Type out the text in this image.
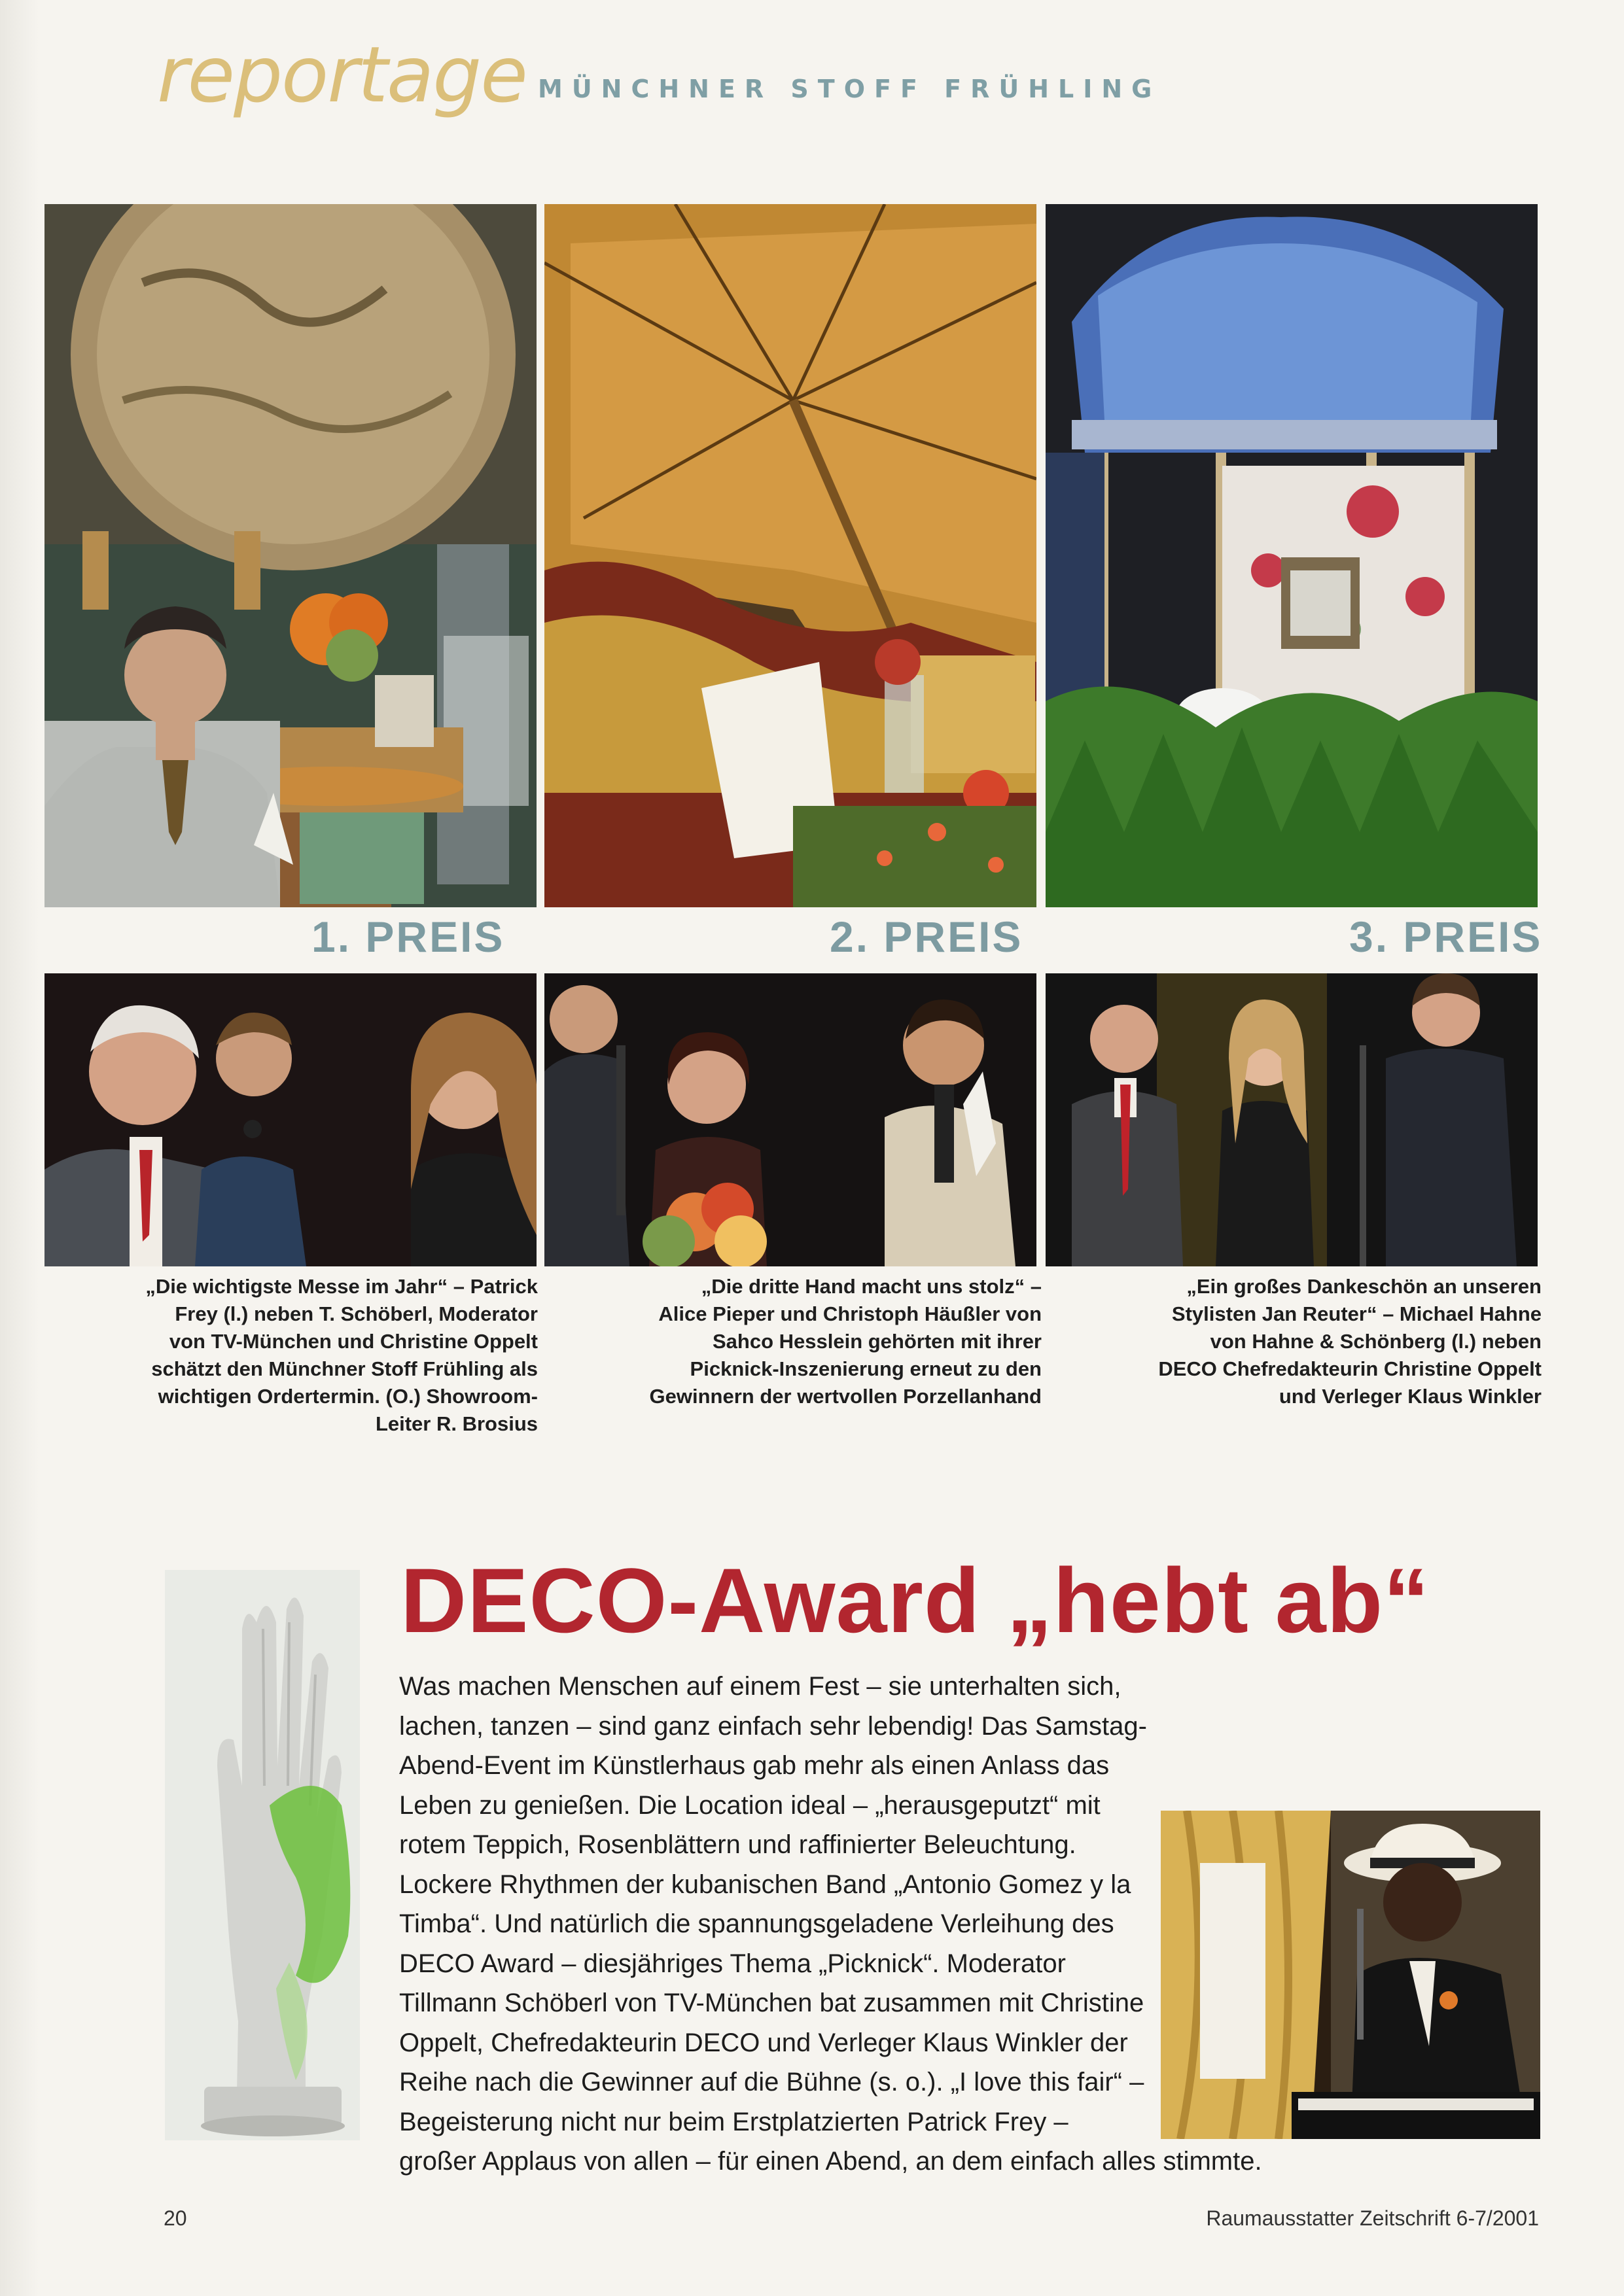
reportage MÜNCHNER STOFF FRÜHLING
1. PREIS	2. PREIS	3. PREIS

„Die wichtigste Messe im Jahr“ – Patrick Frey (l.) neben T. Schöberl, Moderator von TV-München und Christine Oppelt schätzt den Münchner Stoff Frühling als wichtigen Ordertermin. (O.) Showroom-Leiter R. Brosius

„Die dritte Hand macht uns stolz“ – Alice Pieper und Christoph Häußler von Sahco Hesslein gehörten mit ihrer Picknick-Inszenierung erneut zu den Gewinnern der wertvollen Porzellanhand

„Ein großes Dankeschön an unseren Stylisten Jan Reuter“ – Michael Hahne von Hahne & Schönberg (l.) neben DECO Chefredakteurin Christine Oppelt und Verleger Klaus Winkler

DECO-Award „hebt ab“
Was machen Menschen auf einem Fest – sie unterhalten sich, lachen, tanzen – sind ganz einfach sehr lebendig! Das Samstag-Abend-Event im Künstlerhaus gab mehr als einen Anlass das Leben zu genießen. Die Location ideal – „herausgeputzt“ mit rotem Teppich, Rosenblättern und raffinierter Beleuchtung. Lockere Rhythmen der kubanischen Band „Antonio Gomez y la Timba“. Und natürlich die spannungsgeladene Verleihung des DECO Award – diesjähriges Thema „Picknick“. Moderator Tillmann Schöberl von TV-München bat zusammen mit Christine Oppelt, Chefredakteurin DECO und Verleger Klaus Winkler der Reihe nach die Gewinner auf die Bühne (s. o.). „I love this fair“ – Begeisterung nicht nur beim Erstplatzierten Patrick Frey – großer Applaus von allen – für einen Abend, an dem einfach alles stimmte.
20	Raumausstatter Zeitschrift 6-7/2001
